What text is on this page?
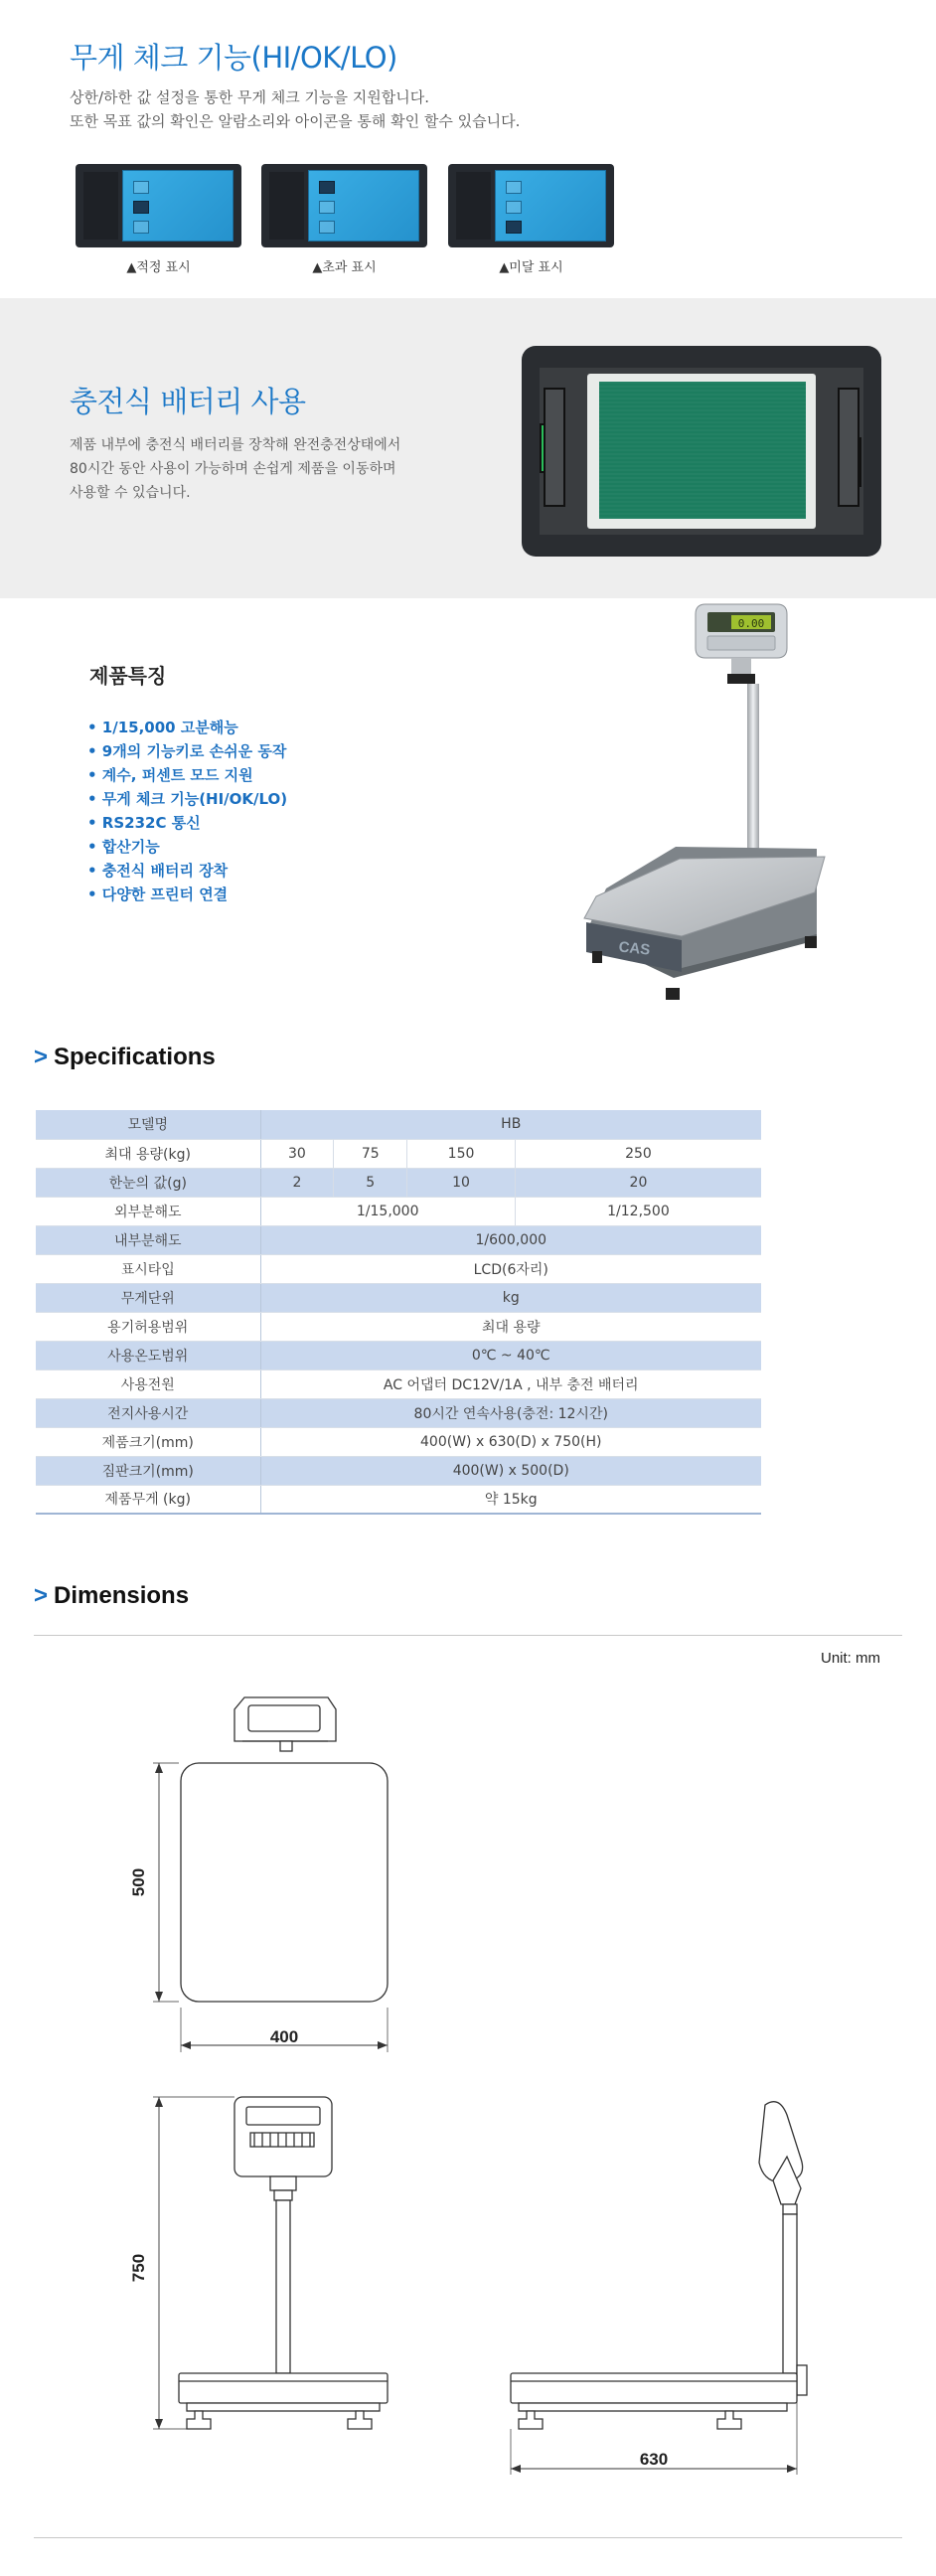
무게 체크 기능(HI/OK/LO)

상한/하한 값 설정을 통한 무게 체크 기능을 지원합니다.

또한 목표 값의 확인은 알람소리와 아이콘을 통해 확인 할수 있습니다.

▲적정 표시	▲초과 표시	▲미달 표시
충전식 배터리 사용

제품 내부에 충전식 배터리를 장착해 완전충전상태에서

80시간 동안 사용이 가능하며 손쉽게 제품을 이동하며

사용할 수 있습니다.

제품특징
• 1/15,000 고분해능
• 9개의 기능키로 손쉬운 동작
• 계수, 퍼센트 모드 지원
• 무게 체크 기능(HI/OK/LO)
• RS232C 통신
• 합산기능
• 충전식 배터리 장착
• 다양한 프린터 연결
0.00
CAS
> Specifications
모델명	HB			
최대 용량(kg)	30	75	150	250
한눈의 값(g)	2	5	10	20
외부분해도	1/15,000			1/12,500
내부분해도	1/600,000			
표시타입	LCD(6자리)			
무게단위	kg			
용기허용범위	최대 용량			
사용온도범위	0℃ ~ 40℃			
사용전원	AC 어댑터 DC12V/1A , 내부 충전 배터리			
전지사용시간	80시간 연속사용(충전: 12시간)			
제품크기(mm)	400(W) x 630(D) x 750(H)			
짐판크기(mm)	400(W) x 500(D)			
제품무게 (kg)	약 15kg			
> Dimensions
Unit: mm
500
400
750
630
